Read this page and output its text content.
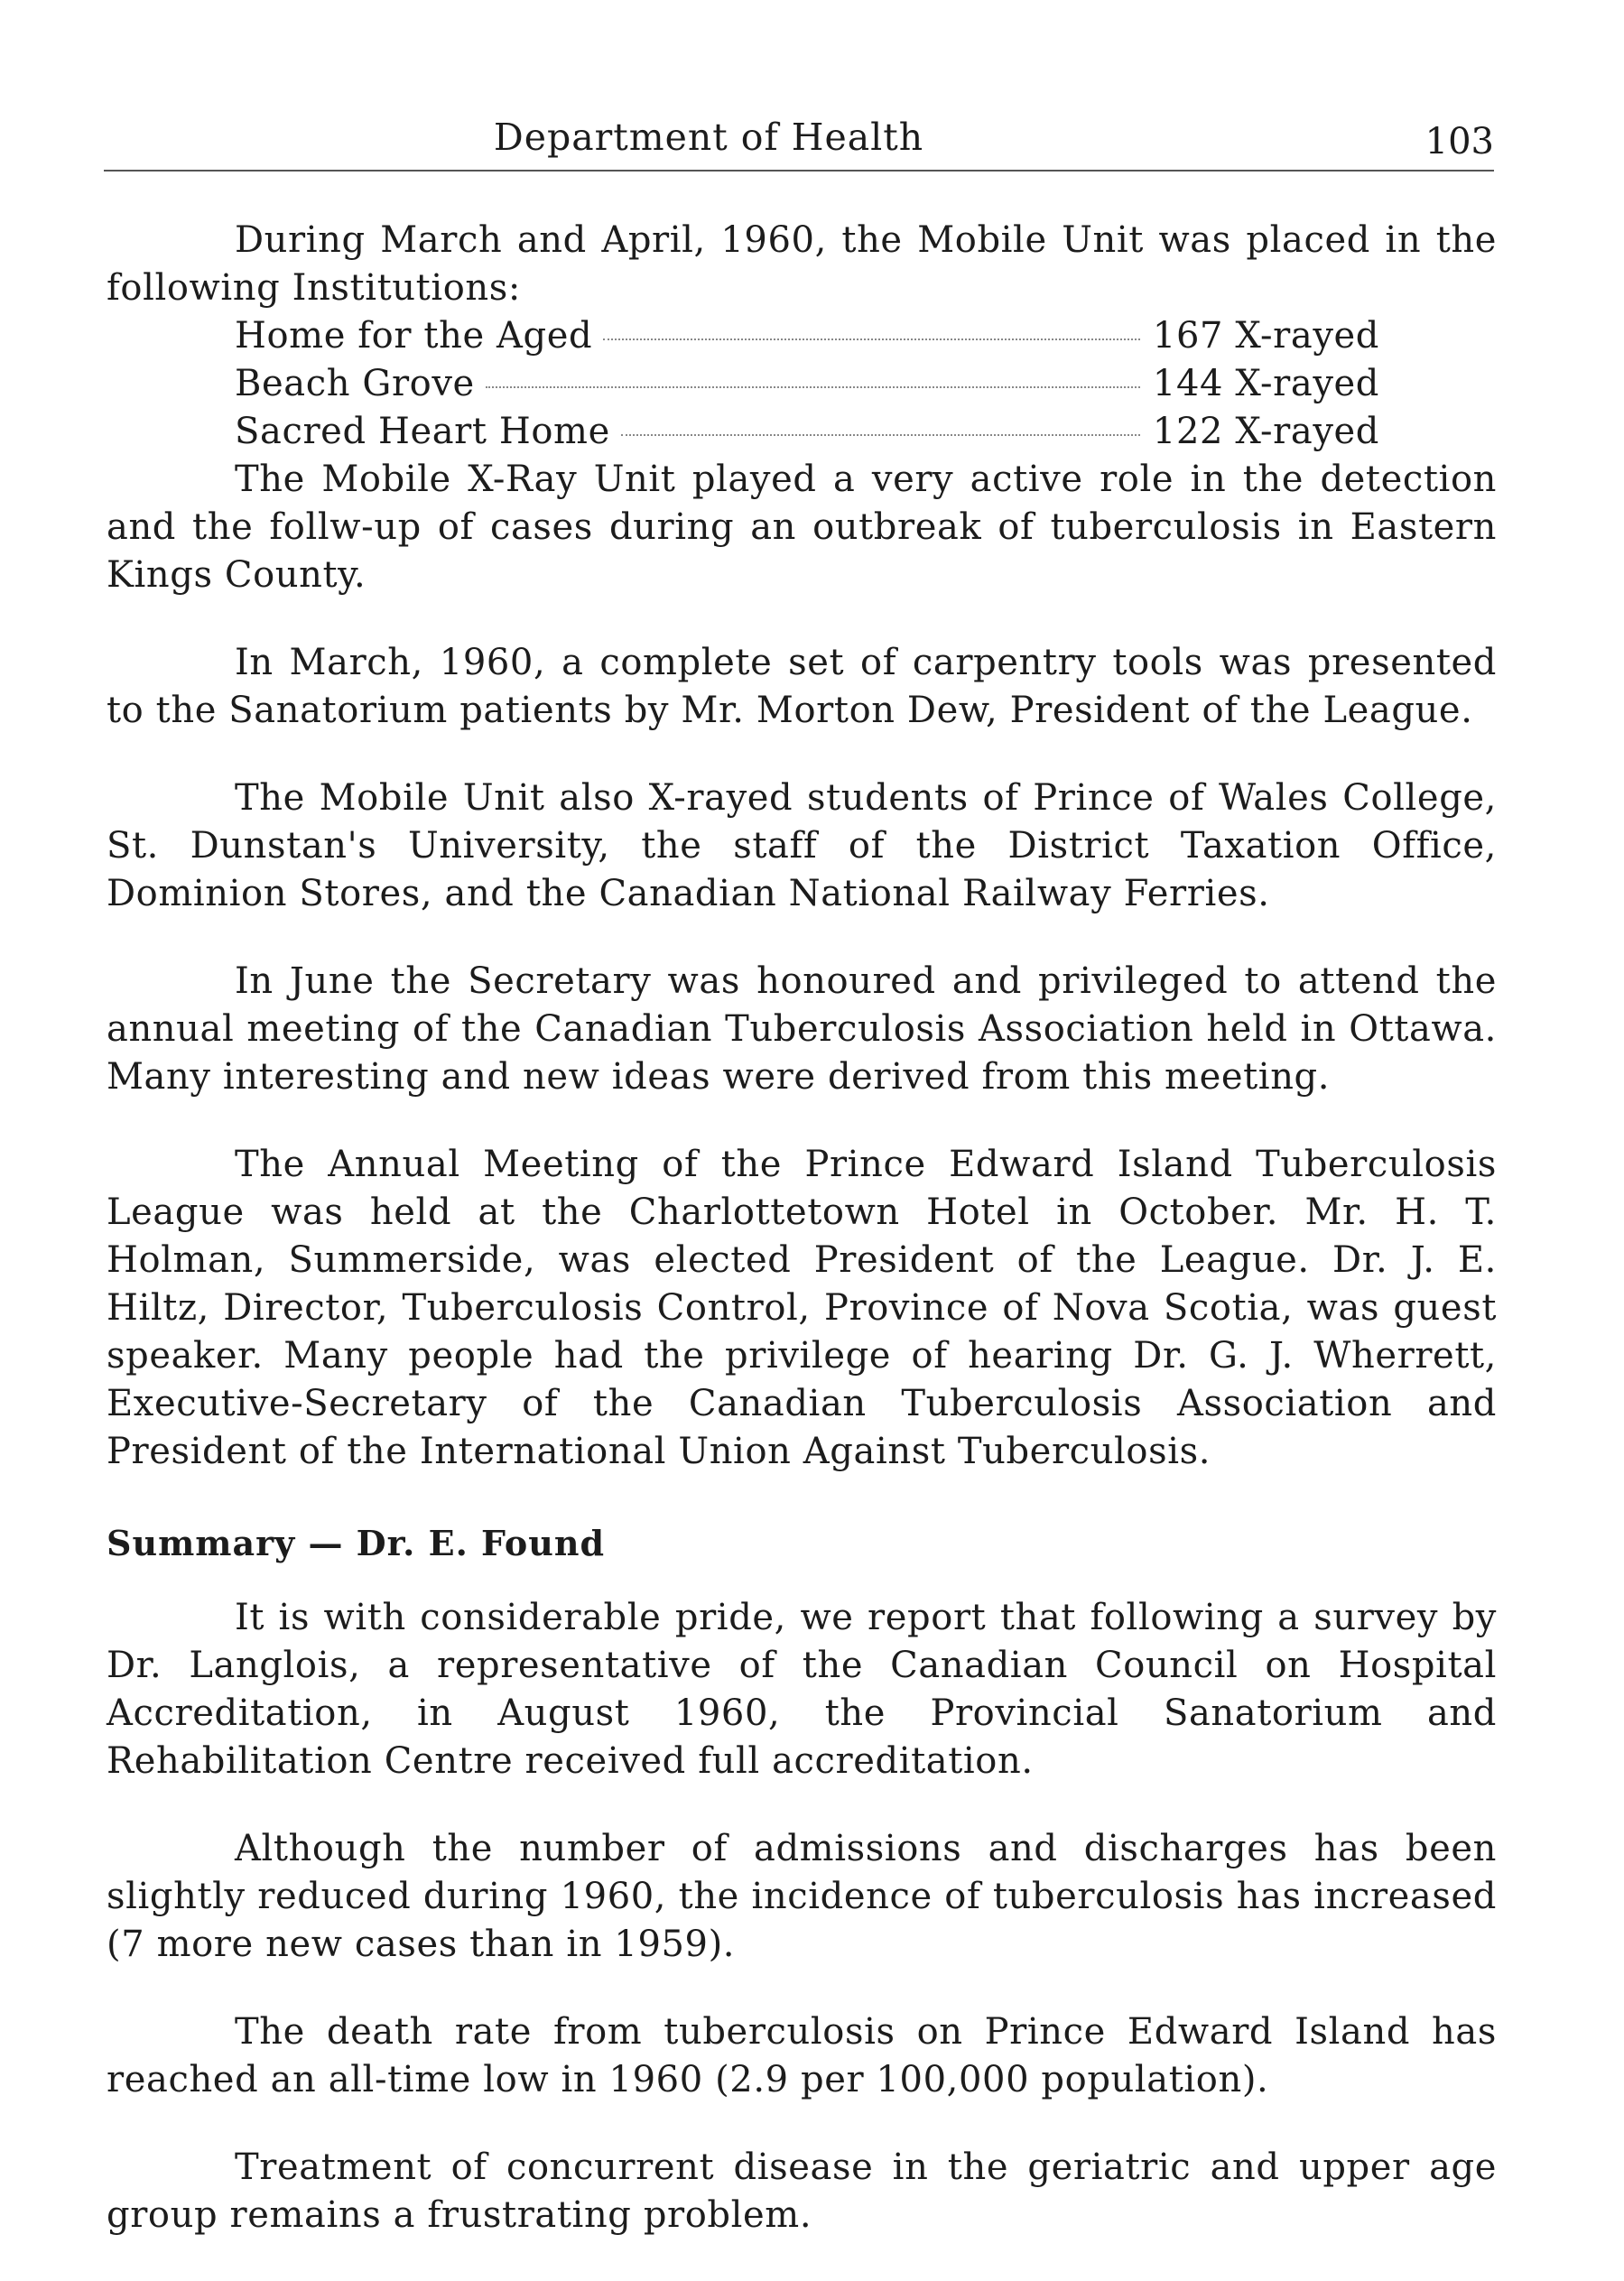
Department of Health	103

During March and April, 1960, the Mobile Unit was placed in the following Institutions:

Home for the Aged	167 X-rayed
Beach Grove	144 X-rayed
Sacred Heart Home	122 X-rayed

The Mobile X-Ray Unit played a very active role in the detection and the follw-up of cases during an outbreak of tuberculosis in Eastern Kings County.

In March, 1960, a complete set of carpentry tools was presented to the Sanatorium patients by Mr. Morton Dew, President of the League.

The Mobile Unit also X-rayed students of Prince of Wales College, St. Dunstan's University, the staff of the District Taxation Office, Dominion Stores, and the Canadian National Railway Ferries.

In June the Secretary was honoured and privileged to attend the annual meeting of the Canadian Tuberculosis Association held in Ottawa. Many interesting and new ideas were derived from this meeting.

The Annual Meeting of the Prince Edward Island Tuberculosis League was held at the Charlottetown Hotel in October. Mr. H. T. Holman, Summerside, was elected President of the League. Dr. J. E. Hiltz, Director, Tuberculosis Control, Province of Nova Scotia, was guest speaker. Many people had the privilege of hearing Dr. G. J. Wherrett, Executive-Secretary of the Canadian Tuberculosis Association and President of the International Union Against Tuberculosis.

Summary — Dr. E. Found

It is with considerable pride, we report that following a survey by Dr. Langlois, a representative of the Canadian Council on Hospital Accreditation, in August 1960, the Provincial Sanatorium and Rehabilitation Centre received full accreditation.

Although the number of admissions and discharges has been slightly reduced during 1960, the incidence of tuberculosis has increased (7 more new cases than in 1959).

The death rate from tuberculosis on Prince Edward Island has reached an all-time low in 1960 (2.9 per 100,000 population).

Treatment of concurrent disease in the geriatric and upper age group remains a frustrating problem.
